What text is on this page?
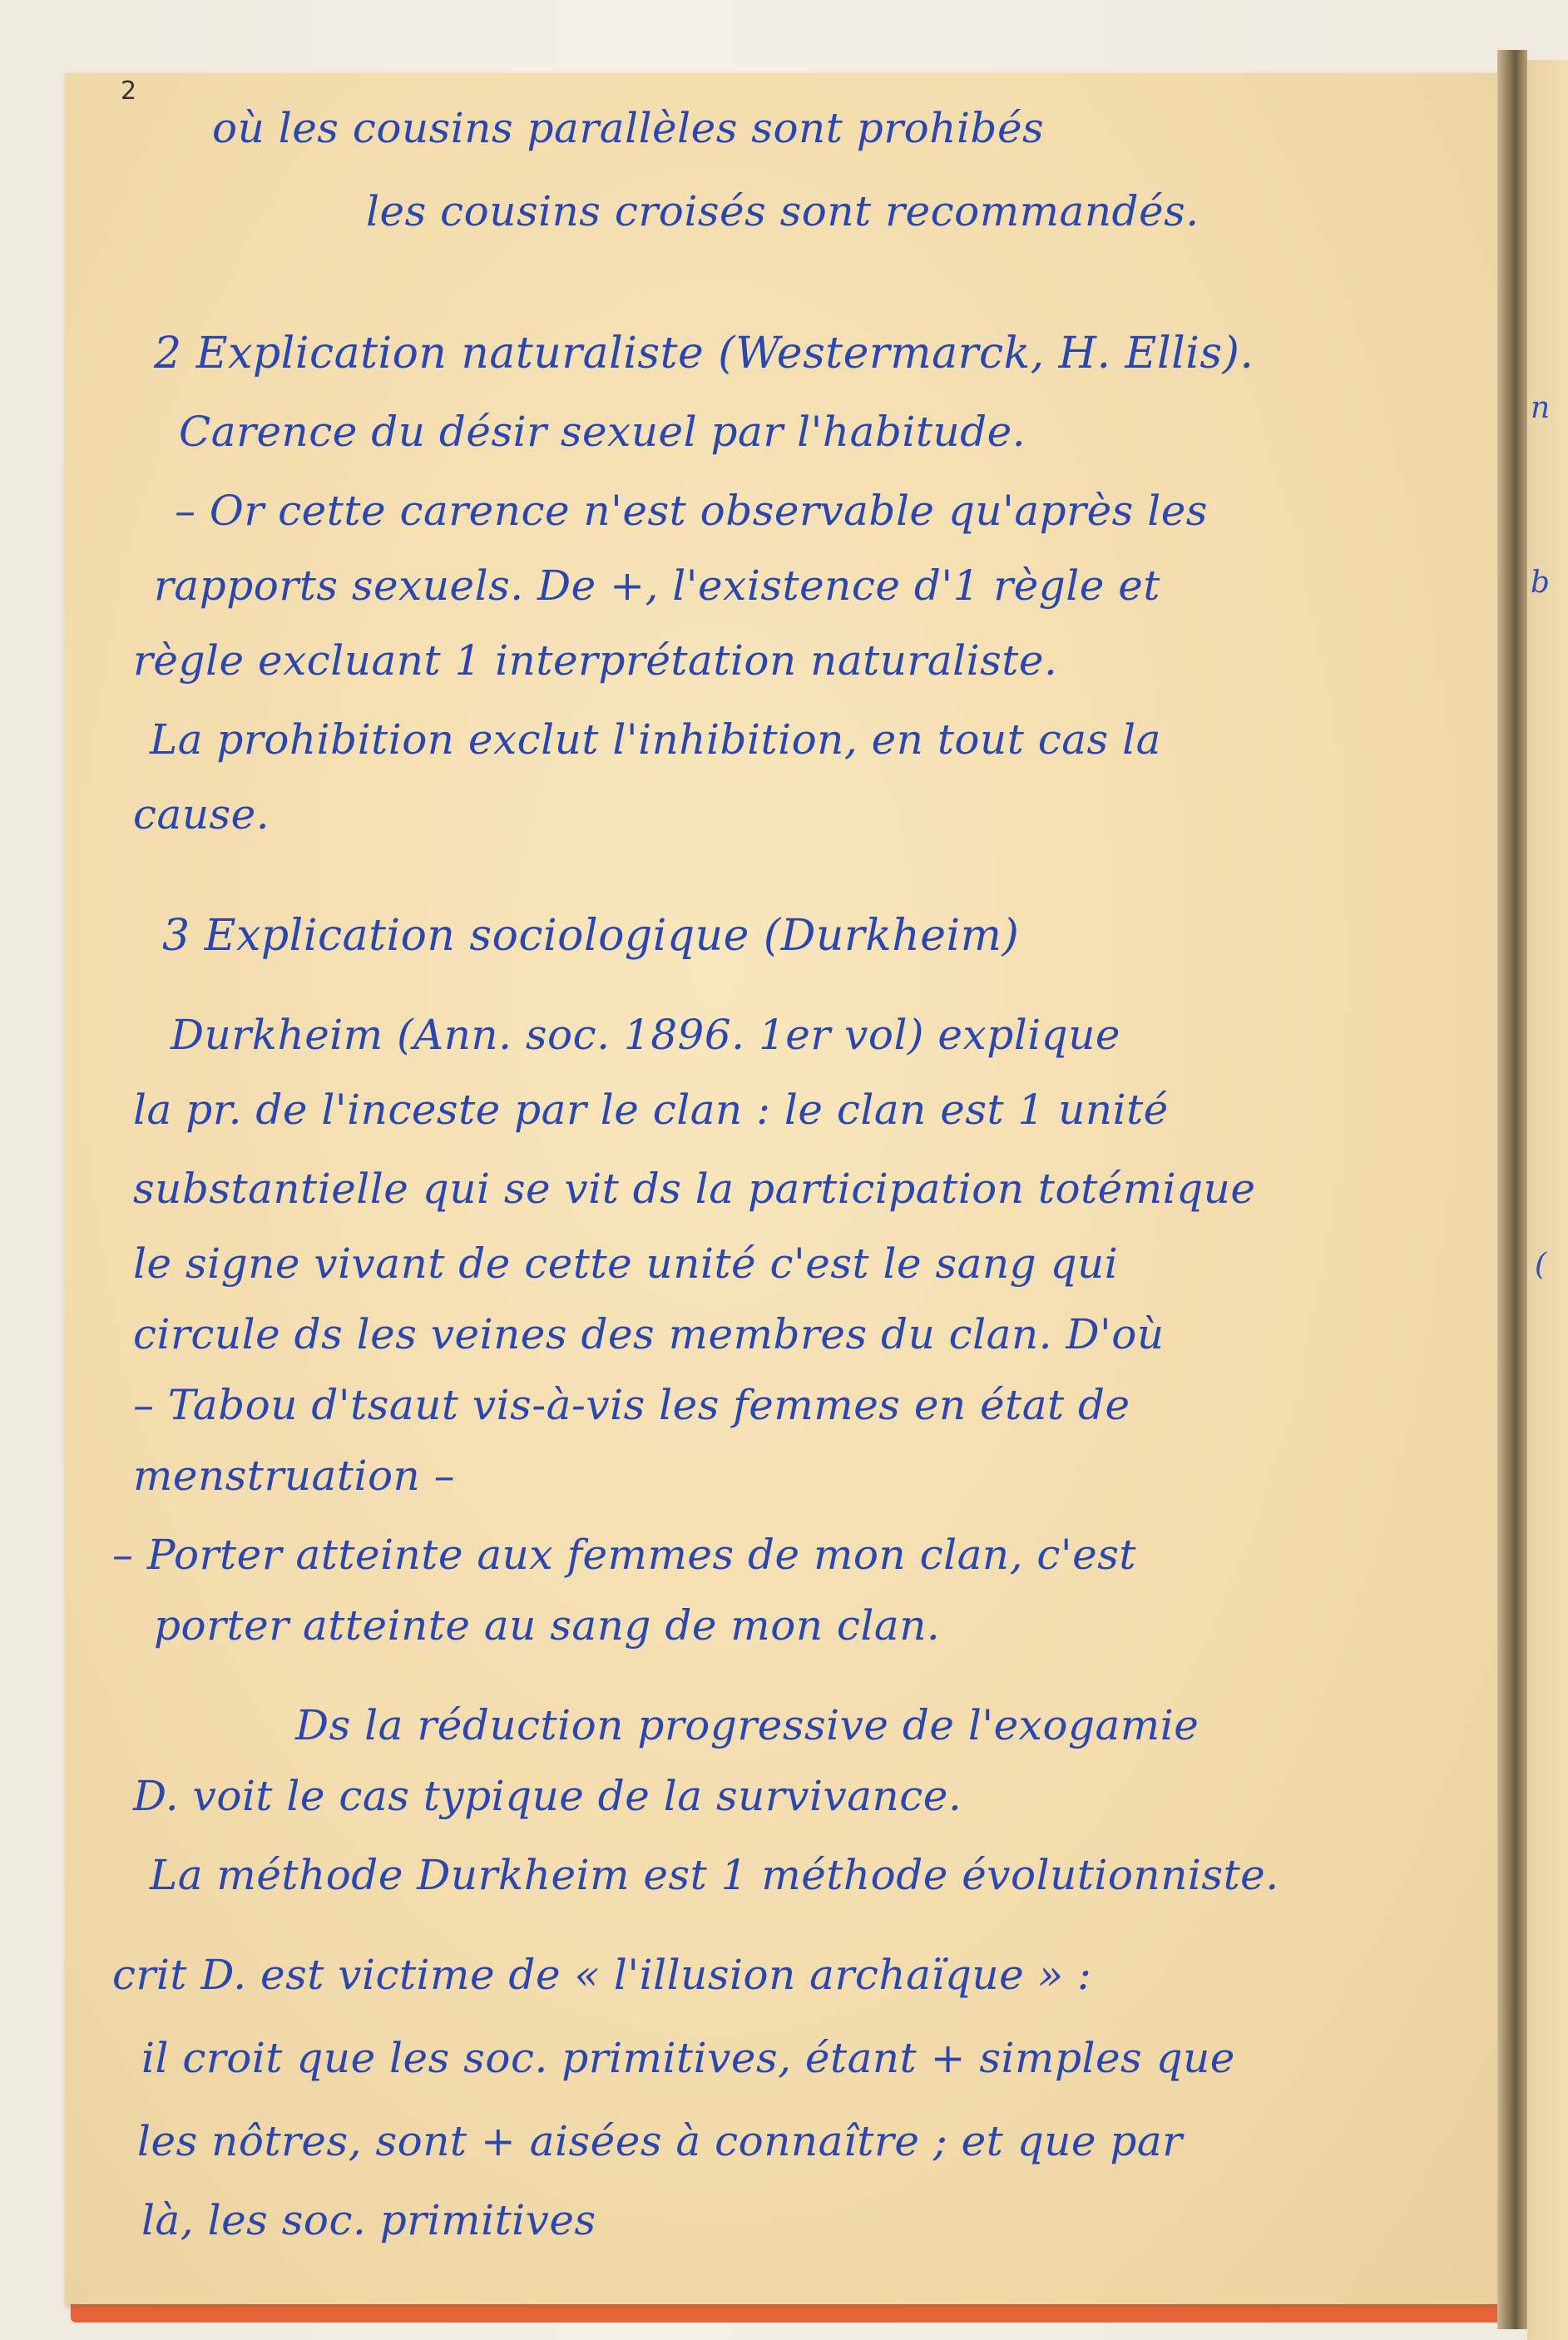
n
b
(
2
où les cousins parallèles sont prohibés
les cousins croisés sont recommandés.
2 Explication naturaliste (Westermarck, H. Ellis).
Carence du désir sexuel par l'habitude.
– Or cette carence n'est observable qu'après les
rapports sexuels. De +, l'existence d'1 règle et
règle excluant 1 interprétation naturaliste.
La prohibition exclut l'inhibition, en tout cas la
cause.
3 Explication sociologique (Durkheim)
Durkheim (Ann. soc. 1896. 1er vol) explique
la pr. de l'inceste par le clan : le clan est 1 unité
substantielle qui se vit ds la participation totémique
le signe vivant de cette unité c'est le sang qui
circule ds les veines des membres du clan. D'où
– Tabou d'tsaut vis-à-vis les femmes en état de
menstruation –
– Porter atteinte aux femmes de mon clan, c'est
porter atteinte au sang de mon clan.
Ds la réduction progressive de l'exogamie
D. voit le cas typique de la survivance.
La méthode Durkheim est 1 méthode évolutionniste.
crit D. est victime de « l'illusion archaïque » :
il croit que les soc. primitives, étant + simples que
les nôtres, sont + aisées à connaître ; et que par
là, les soc. primitives
